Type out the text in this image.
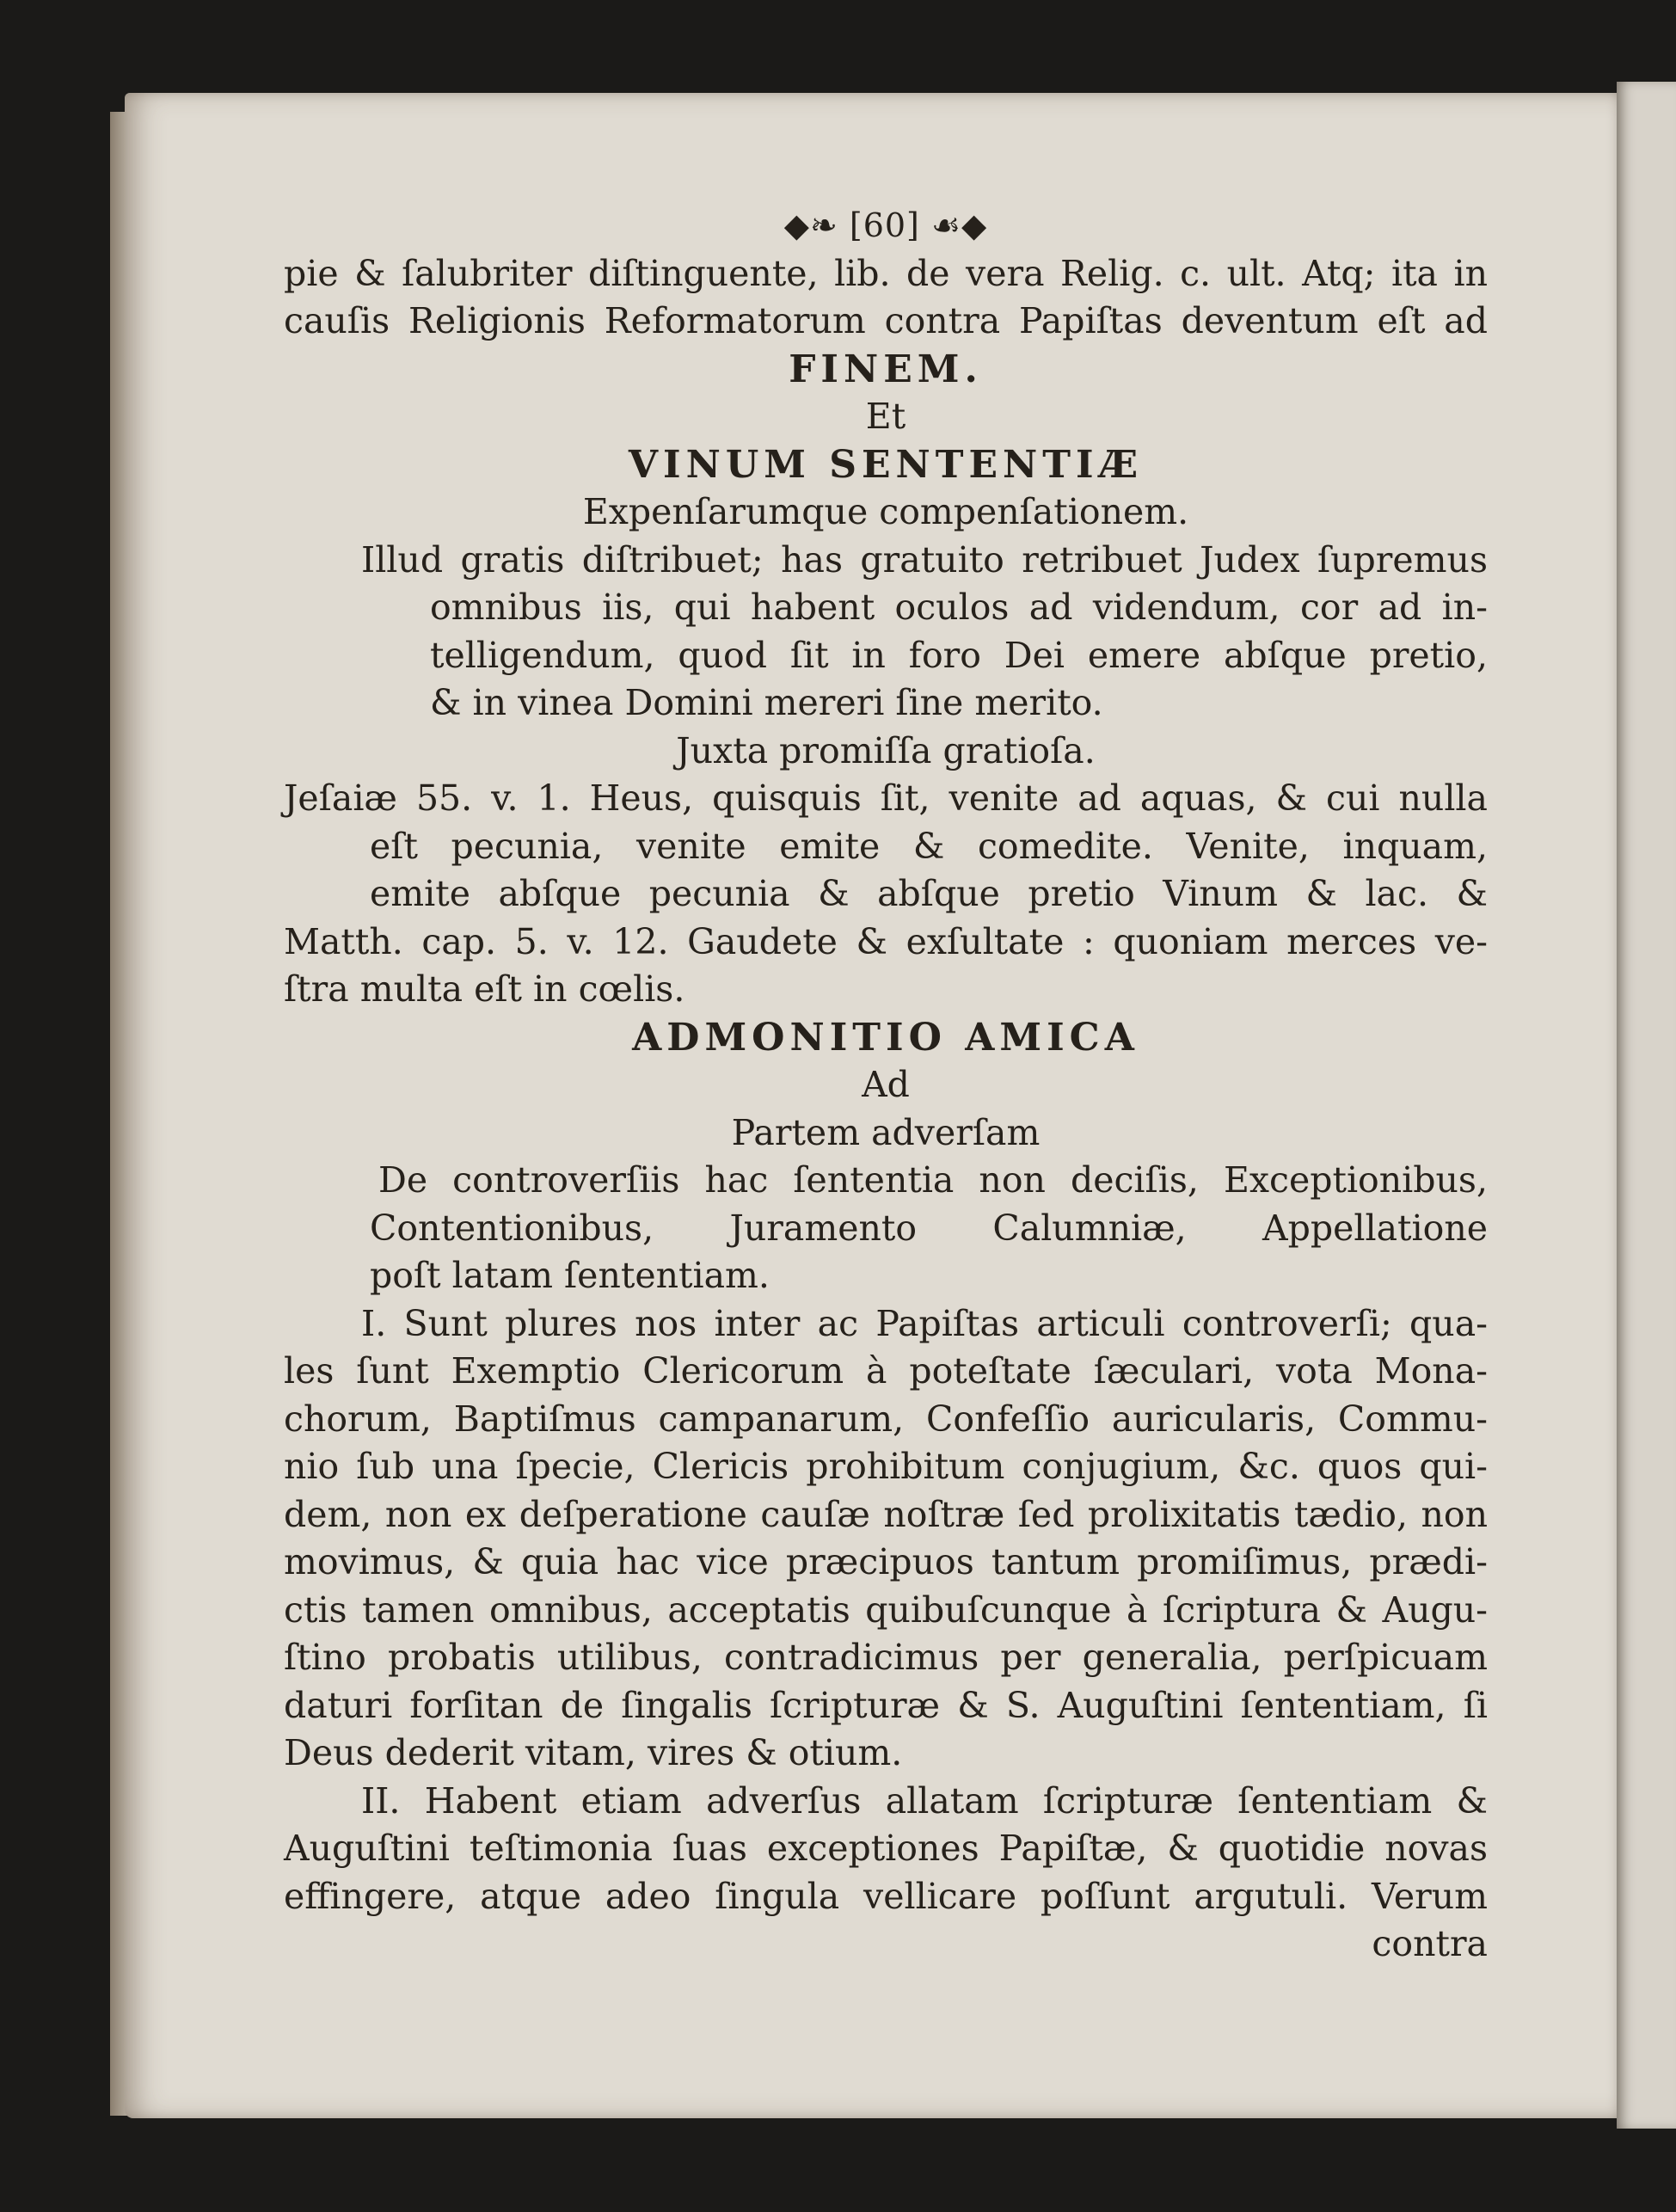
◆❧ [60] ☙◆
pie & ſalubriter diſtinguente, lib. de vera Relig. c. ult. Atq; ita in
cauſis Religionis Reformatorum contra Papiſtas deventum eſt ad
FINEM.
Et
VINUM SENTENTIÆ
Expenſarumque compenſationem.
Illud gratis diſtribuet; has gratuito retribuet Judex ſupremus
omnibus iis, qui habent oculos ad videndum, cor ad in-
telligendum, quod ſit in foro Dei emere abſque pretio,
& in vinea Domini mereri ſine merito.
Juxta promiſſa gratioſa.
Jeſaiæ 55. v. 1. Heus, quisquis ſit, venite ad aquas, & cui nulla
eſt pecunia, venite emite & comedite. Venite, inquam,
emite abſque pecunia & abſque pretio Vinum & lac. &
Matth. cap. 5. v. 12. Gaudete & exſultate : quoniam merces ve-
ſtra multa eſt in cœlis.
ADMONITIO AMICA
Ad
Partem adverſam
De controverſiis hac ſententia non deciſis, Exceptionibus,
Contentionibus, Juramento Calumniæ, Appellatione
poſt latam ſententiam.
I. Sunt plures nos inter ac Papiſtas articuli controverſi; qua-
les ſunt Exemptio Clericorum à poteſtate ſæculari, vota Mona-
chorum, Baptiſmus campanarum, Confeſſio auricularis, Commu-
nio ſub una ſpecie, Clericis prohibitum conjugium, &c. quos qui-
dem, non ex deſperatione cauſæ noſtræ ſed prolixitatis tædio, non
movimus, & quia hac vice præcipuos tantum promiſimus, prædi-
ctis tamen omnibus, acceptatis quibuſcunque à ſcriptura & Augu-
ſtino probatis utilibus, contradicimus per generalia, perſpicuam
daturi forſitan de ſingalis ſcripturæ & S. Auguſtini ſententiam, ſi
Deus dederit vitam, vires & otium.
II. Habent etiam adverſus allatam ſcripturæ ſententiam &
Auguſtini teſtimonia ſuas exceptiones Papiſtæ, & quotidie novas
effingere, atque adeo ſingula vellicare poſſunt argutuli. Verum
contra
